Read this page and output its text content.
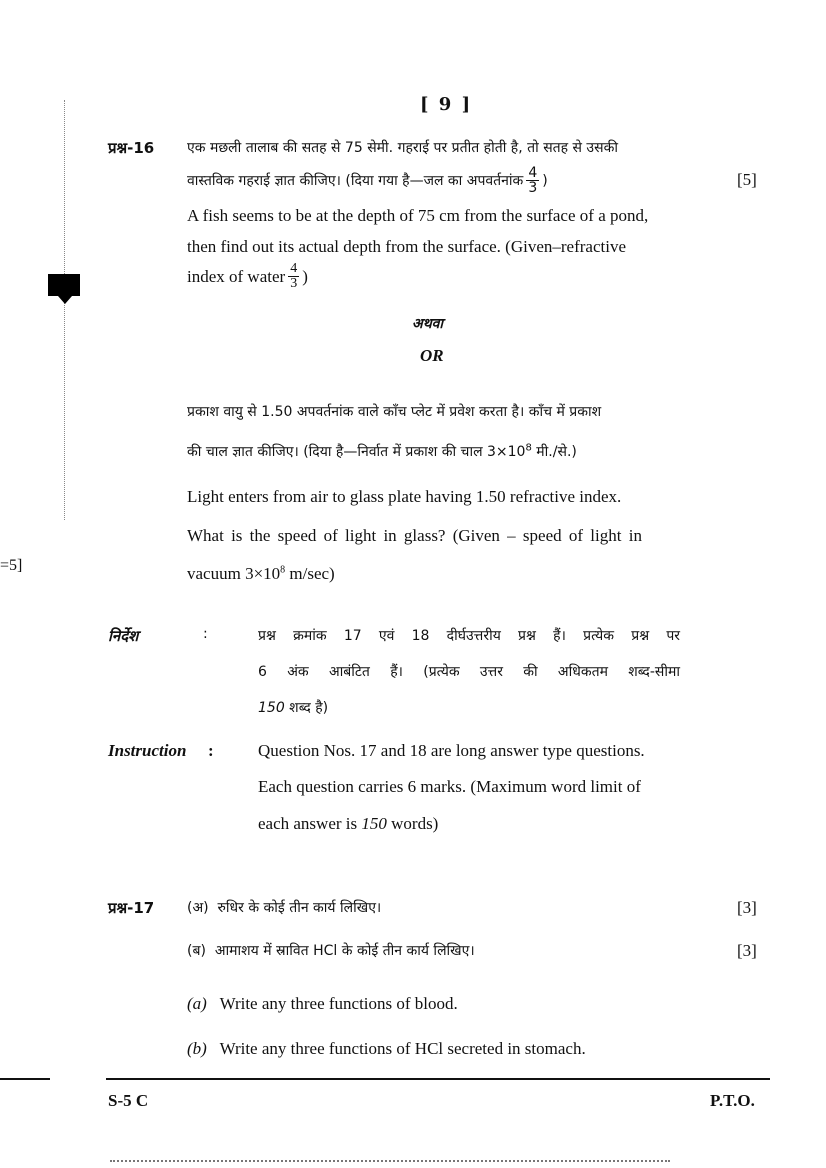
=5]
[ 9 ]
प्रश्न-16 एक मछली तालाब की सतह से 75 सेमी. गहराई पर प्रतीत होती है, तो सतह से उसकी
वास्तविक गहराई ज्ञात कीजिए। (दिया गया है—जल का अपवर्तनांक $\frac{4}{3}$ )	[5]
A fish seems to be at the depth of 75 cm from the surface of a pond,
then find out its actual depth from the surface. (Given–refractive
index of water $\frac{4}{3}$ )
अथवा
OR
प्रकाश वायु से 1.50 अपवर्तनांक वाले काँच प्लेट में प्रवेश करता है। काँच में प्रकाश
की चाल ज्ञात कीजिए। (दिया है—निर्वात में प्रकाश की चाल $3\times 10^8$ मी./से.)
Light enters from air to glass plate having 1.50 refractive index.
What is the speed of light in glass? (Given – speed of light in
vacuum $3\times 10^8$ m/sec)
निर्देश	:	प्रश्न क्रमांक 17 एवं 18 दीर्घउत्तरीय प्रश्न हैं। प्रत्येक प्रश्न पर
6 अंक आबंटित हैं। (प्रत्येक उत्तर की अधिकतम शब्द-सीमा
150 शब्द है)
Instruction :	Question Nos. 17 and 18 are long answer type questions.
Each question carries 6 marks. (Maximum word limit of
each answer is 150 words)
प्रश्न-17 (अ) रुधिर के कोई तीन कार्य लिखिए।	[3]
(ब) आमाशय में स्रावित HCl के कोई तीन कार्य लिखिए।	[3]
(a) Write any three functions of blood.
(b) Write any three functions of HCl secreted in stomach.
S-5 C	P.T.O.
